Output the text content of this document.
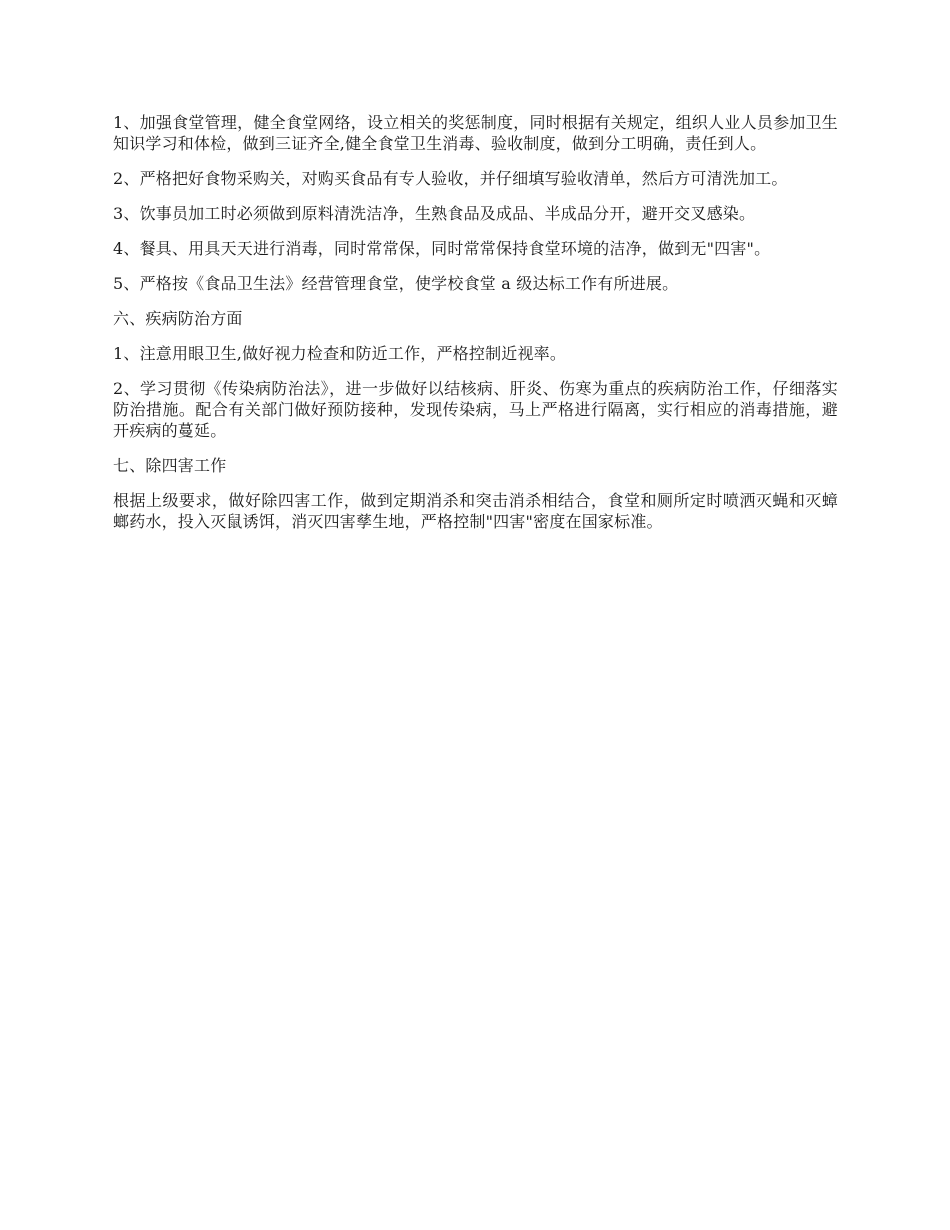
1、加强食堂管理，健全食堂网络，设立相关的奖惩制度，同时根据有关规定，组织人业人员参加卫生知识学习和体检，做到三证齐全,健全食堂卫生消毒、验收制度，做到分工明确，责任到人。

2、严格把好食物采购关，对购买食品有专人验收，并仔细填写验收清单，然后方可清洗加工。

3、饮事员加工时必须做到原料清洗洁净，生熟食品及成品、半成品分开，避开交叉感染。

4、餐具、用具天天进行消毒，同时常常保，同时常常保持食堂环境的洁净，做到无"四害"。

5、严格按《食品卫生法》经营管理食堂，使学校食堂 a 级达标工作有所进展。

六、疾病防治方面

1、注意用眼卫生,做好视力检查和防近工作，严格控制近视率。

2、学习贯彻《传染病防治法》，进一步做好以结核病、肝炎、伤寒为重点的疾病防治工作，仔细落实防治措施。配合有关部门做好预防接种，发现传染病，马上严格进行隔离，实行相应的消毒措施，避开疾病的蔓延。

七、除四害工作

根据上级要求，做好除四害工作，做到定期消杀和突击消杀相结合，食堂和厕所定时喷洒灭蝇和灭蟑螂药水，投入灭鼠诱饵，消灭四害孳生地，严格控制"四害"密度在国家标准。
